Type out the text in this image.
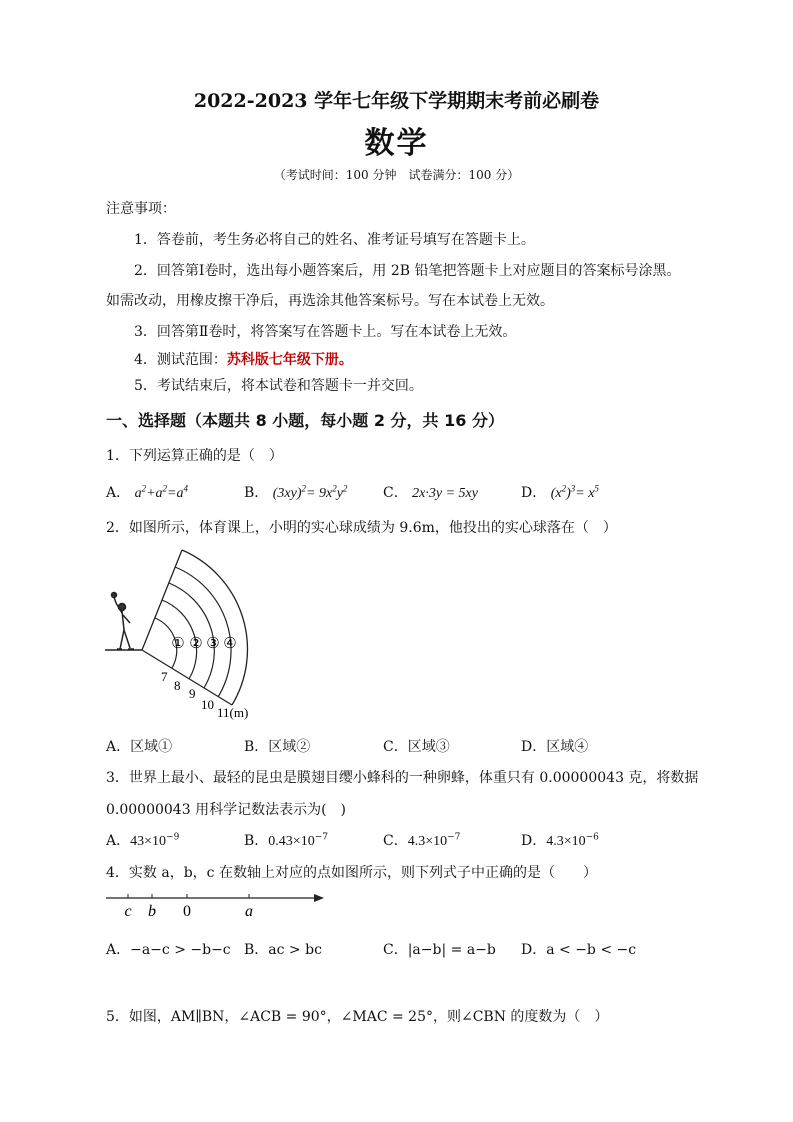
2022-2023 学年七年级下学期期末考前必刷卷
数学
（考试时间：100 分钟　试卷满分：100 分）
注意事项：
1．答卷前，考生务必将自己的姓名、准考证号填写在答题卡上。
2．回答第Ⅰ卷时，选出每小题答案后，用 2B 铅笔把答题卡上对应题目的答案标号涂黑。
如需改动，用橡皮擦干净后，再选涂其他答案标号。写在本试卷上无效。
3．回答第Ⅱ卷时，将答案写在答题卡上。写在本试卷上无效。
4．测试范围：苏科版七年级下册。
5．考试结束后，将本试卷和答题卡一并交回。
一、选择题（本题共 8 小题，每小题 2 分，共 16 分）
1．下列运算正确的是（　）
A． $a^2+a^2=a^4$	B． $(3xy)^2= 9x^2y^2$	C． 2x·3y = 5xy	D． $(x^2)^3= x^5$
2．如图所示，体育课上，小明的实心球成绩为 9.6m，他投出的实心球落在（　）
① ② ③ ④
7
8
9
10
11(m)
A．区域①	B．区域②	C．区域③	D．区域④
3．世界上最小、最轻的昆虫是膜翅目缨小蜂科的一种卵蜂，体重只有 0.00000043 克，将数据
0.00000043 用科学记数法表示为(　)
A．$43\times 10^{-9}$	B．$0.43\times 10^{-7}$	C．$4.3\times 10^{-7}$	D．$4.3\times 10^{-6}$
4．实数 a，b，c 在数轴上对应的点如图所示，则下列式子中正确的是（　　）
c b 0	a
A．−a−c > −b−c B．ac > bc	C．|a−b| = a−b D．a < −b < −c
5．如图，AM∥BN，∠ACB = 90°，∠MAC = 25°，则∠CBN 的度数为（　）
